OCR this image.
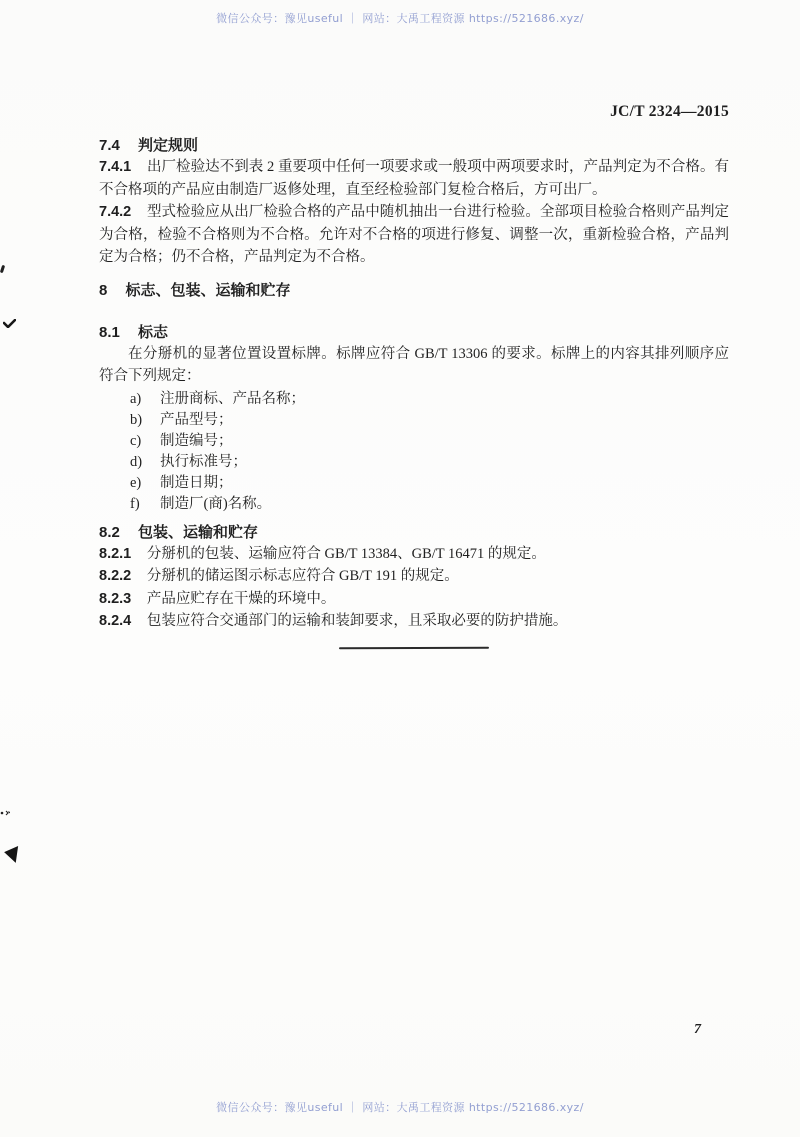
微信公众号：豫见useful ｜ 网站：大禹工程资源 https://521686.xyz/

JC/T 2324—2015

7.4 判定规则

7.4.1 出厂检验达不到表 2 重要项中任何一项要求或一般项中两项要求时，产品判定为不合格。有不合格项的产品应由制造厂返修处理，直至经检验部门复检合格后，方可出厂。

7.4.2 型式检验应从出厂检验合格的产品中随机抽出一台进行检验。全部项目检验合格则产品判定为合格，检验不合格则为不合格。允许对不合格的项进行修复、调整一次，重新检验合格，产品判定为合格；仍不合格，产品判定为不合格。

8 标志、包装、运输和贮存
8.1 标志

在分掰机的显著位置设置标牌。标牌应符合 GB/T 13306 的要求。标牌上的内容其排列顺序应符合下列规定：

a) 注册商标、产品名称；
b) 产品型号；
c) 制造编号；
d) 执行标准号；
e) 制造日期；
f) 制造厂(商)名称。
8.2 包装、运输和贮存

8.2.1 分掰机的包装、运输应符合 GB/T 13384、GB/T 16471 的规定。

8.2.2 分掰机的储运图示标志应符合 GB/T 191 的规定。

8.2.3 产品应贮存在干燥的环境中。

8.2.4 包装应符合交通部门的运输和装卸要求，且采取必要的防护措施。

7
微信公众号：豫见useful ｜ 网站：大禹工程资源 https://521686.xyz/
